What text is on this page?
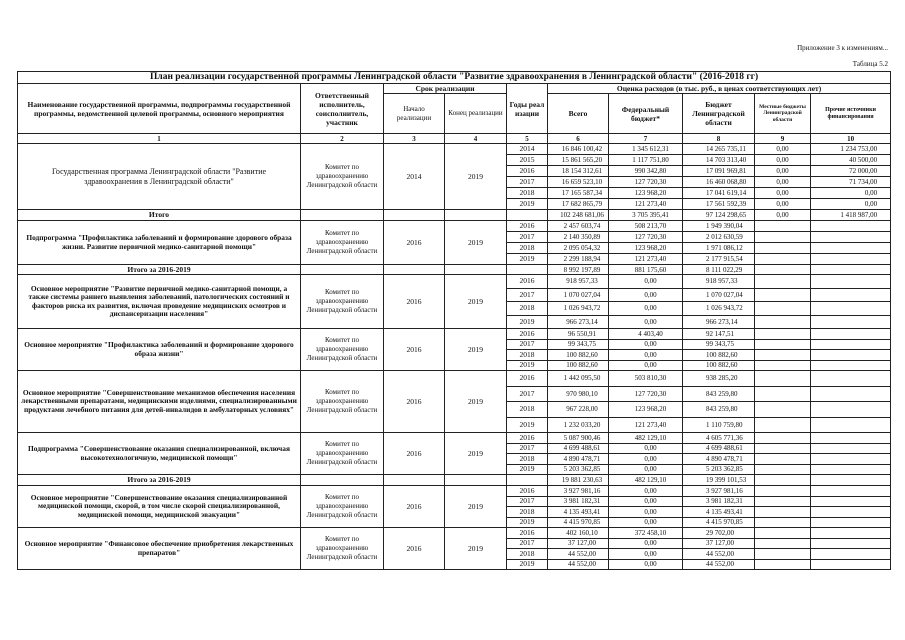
Приложение 3 к изменениям...
Таблица 5.2
План реализации государственной программы Ленинградской области "Развитие здравоохранения в Ленинградской области" (2016-2018 гг)									
Наименование государственной программы, подпрограммы государственной программы, ведомственной целевой программы, основного мероприятия	Ответственный исполнитель, соисполнитель, участник	Срок реализации		Годы реализации	Оценка расходов (в тыс. руб., в ценах соответствующих лет)				
		Начало реализации	Конец реализации		Всего	Федеральный бюджет*	Бюджет Ленинградской области	Местные бюджеты Ленинградской области	Прочие источники финансирования
1	2	3	4	5	6	7	8	9	10
Государственная программа Ленинградской области "Развитие здравоохранения в Ленинградской области"	Комитет по здравоохранению Ленинградской области	2014	2019	2014	16 846 100,42	1 345 612,31	14 265 735,11	0,00	1 234 753,00
				2015	15 861 565,20	1 117 751,80	14 703 313,40	0,00	40 500,00
				2016	18 154 312,61	990 342,80	17 091 969,81	0,00	72 000,00
				2017	16 659 523,10	127 720,30	16 460 068,80	0,00	71 734,00
				2018	17 165 587,34	123 968,20	17 041 619,14	0,00	0,00
				2019	17 682 865,79	121 273,40	17 561 592,39	0,00	0,00
Итого					102 248 681,06	3 705 395,41	97 124 298,65	0,00	1 418 987,00
Подпрограмма "Профилактика заболеваний и формирование здорового образа жизни. Развитие первичной медико-санитарной помощи"	Комитет по здравоохранению Ленинградской области	2016	2019	2016	2 457 603,74	508 213,70	1 949 390,04		
				2017	2 140 350,89	127 720,30	2 012 630,59		
				2018	2 095 054,32	123 968,20	1 971 086,12		
				2019	2 299 188,94	121 273,40	2 177 915,54		
Итого за 2016-2019					8 992 197,89	881 175,60	8 111 022,29		
Основное мероприятие "Развитие первичной медико-санитарной помощи, а также системы раннего выявления заболеваний, патологических состояний и факторов риска их развития, включая проведение медицинских осмотров и диспансеризации населения"	Комитет по здравоохранению Ленинградской области	2016	2019	2016	918 957,33	0,00	918 957,33		
				2017	1 070 027,04	0,00	1 070 027,04		
				2018	1 026 943,72	0,00	1 026 943,72		
				2019	966 273,14	0,00	966 273,14		
Основное мероприятие "Профилактика заболеваний и формирование здорового образа жизни"	Комитет по здравоохранению Ленинградской области	2016	2019	2016	96 550,91	4 403,40	92 147,51		
				2017	99 343,75	0,00	99 343,75		
				2018	100 882,60	0,00	100 882,60		
				2019	100 882,60	0,00	100 882,60		
Основное мероприятие "Совершенствование механизмов обеспечения населения лекарственными препаратами, медицинскими изделиями, специализированными продуктами лечебного питания для детей-инвалидов в амбулаторных условиях"	Комитет по здравоохранению Ленинградской области	2016	2019	2016	1 442 095,50	503 810,30	938 285,20		
				2017	970 980,10	127 720,30	843 259,80		
				2018	967 228,00	123 968,20	843 259,80		
				2019	1 232 033,20	121 273,40	1 110 759,80		
Подпрограмма "Совершенствование оказания специализированной, включая высокотехнологичную, медицинской помощи"	Комитет по здравоохранению Ленинградской области	2016	2019	2016	5 087 900,46	482 129,10	4 605 771,36		
				2017	4 699 488,61	0,00	4 699 488,61		
				2018	4 890 478,71	0,00	4 890 478,71		
				2019	5 203 362,85	0,00	5 203 362,85		
Итого за 2016-2019					19 881 230,63	482 129,10	19 399 101,53		
Основное мероприятие "Совершенствование оказания специализированной медицинской помощи, скорой, в том числе скорой специализированной, медицинской помощи, медицинской эвакуации"	Комитет по здравоохранению Ленинградской области	2016	2019	2016	3 927 981,16	0,00	3 927 981,16		
				2017	3 981 182,31	0,00	3 981 182,31		
				2018	4 135 493,41	0,00	4 135 493,41		
				2019	4 415 970,85	0,00	4 415 970,85		
Основное мероприятие "Финансовое обеспечение приобретения лекарственных препаратов"	Комитет по здравоохранению Ленинградской области	2016	2019	2016	402 160,10	372 458,10	29 702,00		
				2017	37 127,00	0,00	37 127,00		
				2018	44 552,00	0,00	44 552,00		
				2019	44 552,00	0,00	44 552,00		
